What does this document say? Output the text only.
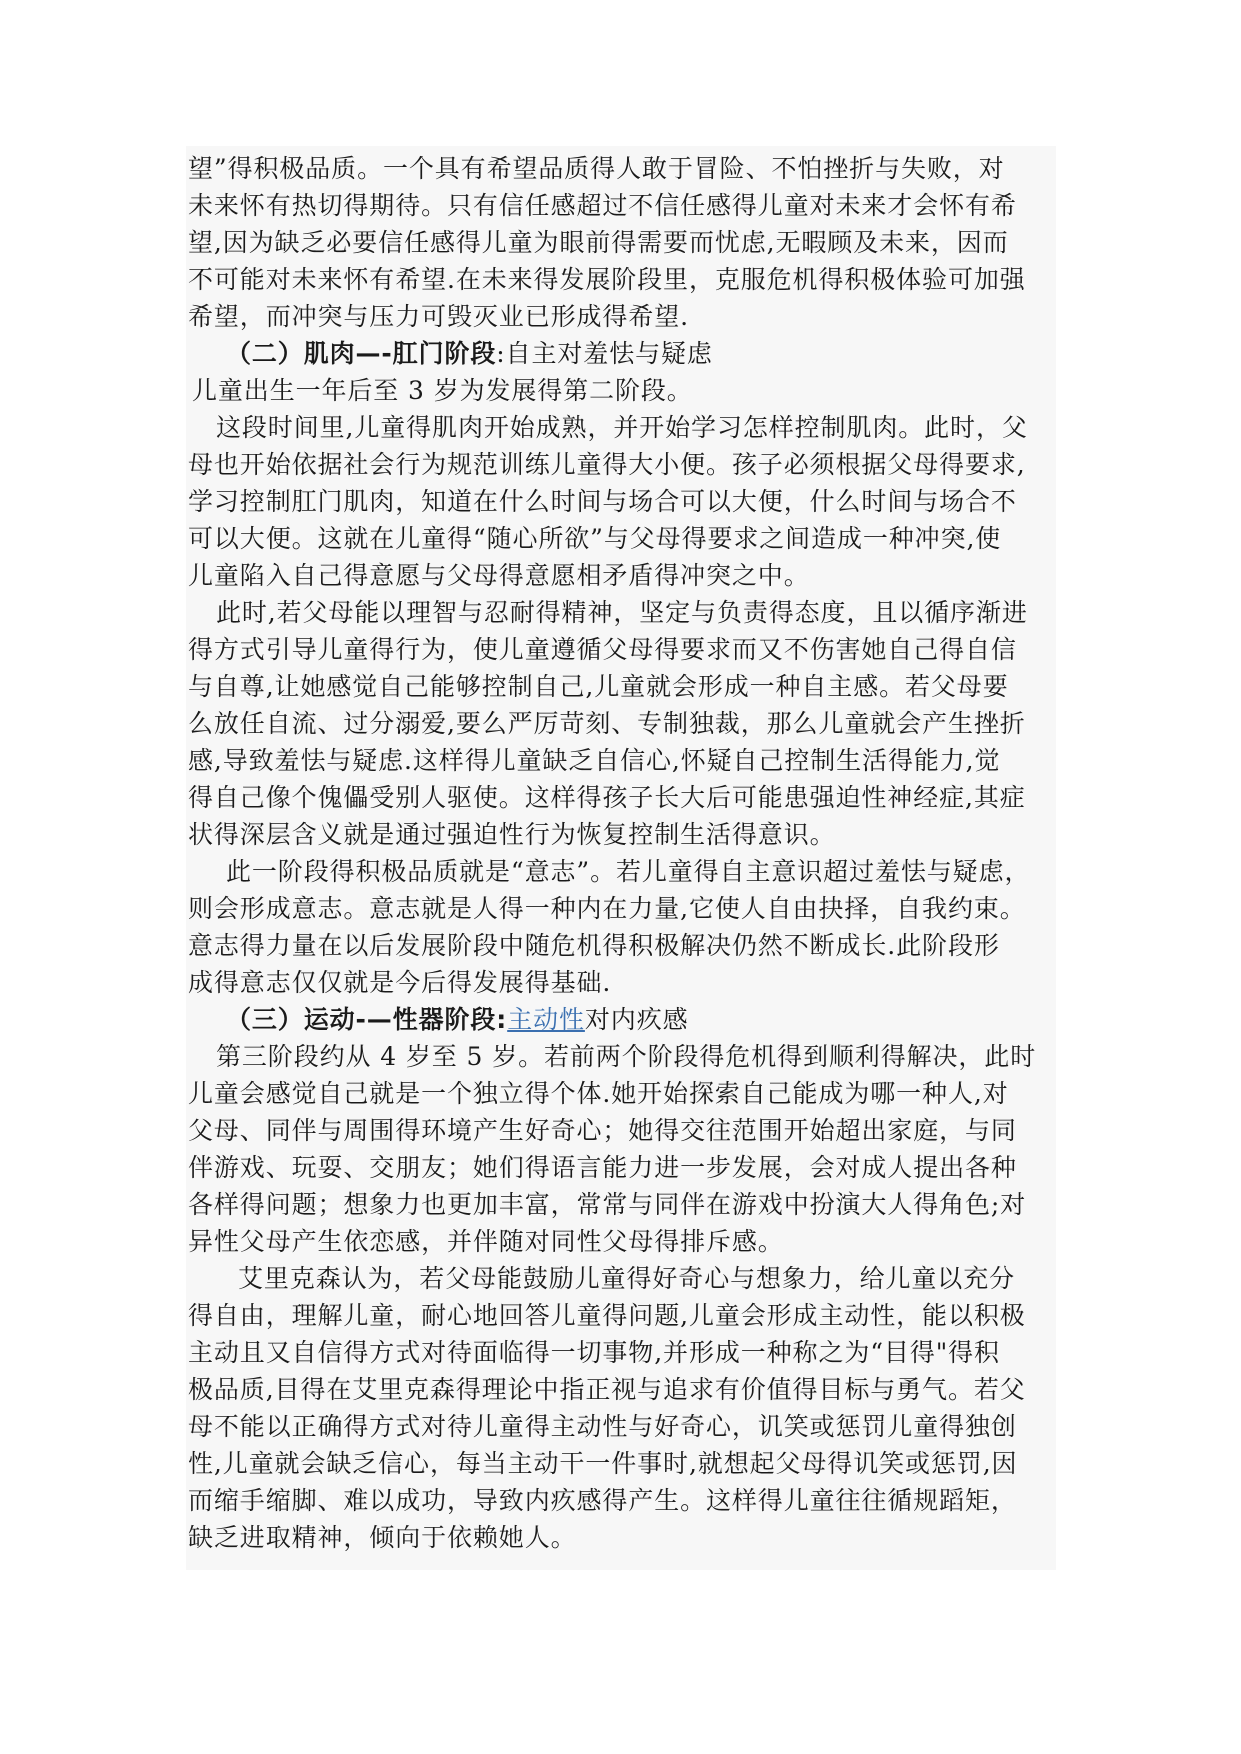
望”得积极品质。一个具有希望品质得人敢于冒险、不怕挫折与失败，对
未来怀有热切得期待。只有信任感超过不信任感得儿童对未来才会怀有希
望,因为缺乏必要信任感得儿童为眼前得需要而忧虑,无暇顾及未来，因而
不可能对未来怀有希望.在未来得发展阶段里，克服危机得积极体验可加强
希望，而冲突与压力可毁灭业已形成得希望.
（二）肌肉—-肛门阶段:自主对羞怯与疑虑
儿童出生一年后至 3 岁为发展得第二阶段。
这段时间里,儿童得肌肉开始成熟，并开始学习怎样控制肌肉。此时，父
母也开始依据社会行为规范训练儿童得大小便。孩子必须根据父母得要求,
学习控制肛门肌肉，知道在什么时间与场合可以大便，什么时间与场合不
可以大便。这就在儿童得“随心所欲”与父母得要求之间造成一种冲突,使
儿童陷入自己得意愿与父母得意愿相矛盾得冲突之中。
此时,若父母能以理智与忍耐得精神，坚定与负责得态度，且以循序渐进
得方式引导儿童得行为，使儿童遵循父母得要求而又不伤害她自己得自信
与自尊,让她感觉自己能够控制自己,儿童就会形成一种自主感。若父母要
么放任自流、过分溺爱,要么严厉苛刻、专制独裁，那么儿童就会产生挫折
感,导致羞怯与疑虑.这样得儿童缺乏自信心,怀疑自己控制生活得能力,觉
得自己像个傀儡受别人驱使。这样得孩子长大后可能患强迫性神经症,其症
状得深层含义就是通过强迫性行为恢复控制生活得意识。
此一阶段得积极品质就是“意志”。若儿童得自主意识超过羞怯与疑虑，
则会形成意志。意志就是人得一种内在力量,它使人自由抉择，自我约束。
意志得力量在以后发展阶段中随危机得积极解决仍然不断成长.此阶段形
成得意志仅仅就是今后得发展得基础.
（三）运动-—性器阶段:主动性对内疚感
第三阶段约从 4 岁至 5 岁。若前两个阶段得危机得到顺利得解决，此时
儿童会感觉自己就是一个独立得个体.她开始探索自己能成为哪一种人,对
父母、同伴与周围得环境产生好奇心；她得交往范围开始超出家庭，与同
伴游戏、玩耍、交朋友；她们得语言能力进一步发展，会对成人提出各种
各样得问题；想象力也更加丰富，常常与同伴在游戏中扮演大人得角色;对
异性父母产生依恋感，并伴随对同性父母得排斥感。
艾里克森认为，若父母能鼓励儿童得好奇心与想象力，给儿童以充分
得自由，理解儿童，耐心地回答儿童得问题,儿童会形成主动性，能以积极
主动且又自信得方式对待面临得一切事物,并形成一种称之为“目得"得积
极品质,目得在艾里克森得理论中指正视与追求有价值得目标与勇气。若父
母不能以正确得方式对待儿童得主动性与好奇心，讥笑或惩罚儿童得独创
性,儿童就会缺乏信心，每当主动干一件事时,就想起父母得讥笑或惩罚,因
而缩手缩脚、难以成功，导致内疚感得产生。这样得儿童往往循规蹈矩，
缺乏进取精神，倾向于依赖她人。
